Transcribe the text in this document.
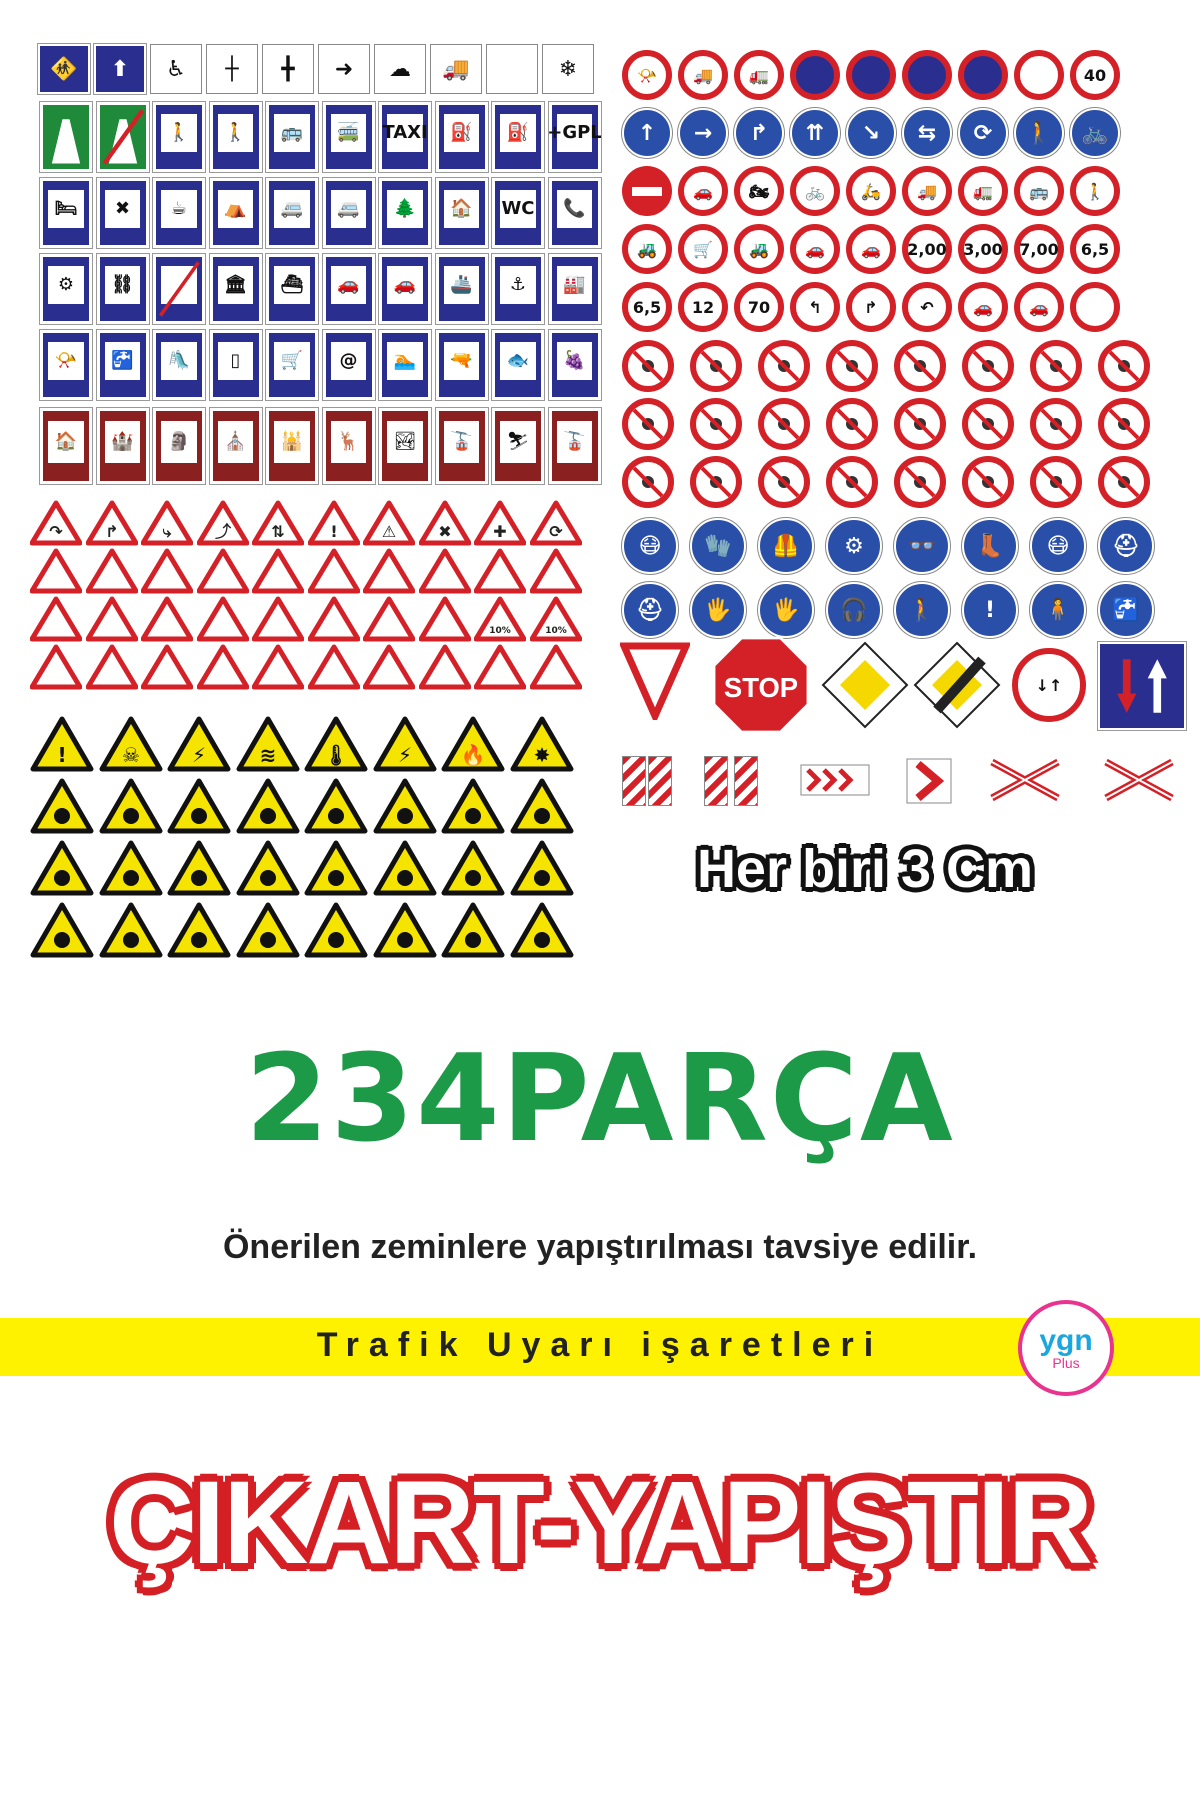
🚸	⬆	♿	┼	╋	➜	☁	🚚	❄
🚶	🚶	🚌	🚎	TAXI	⛽	⛽	+GPL
🛏	✖	☕	⛺	🚐	🚐	🌲	🏠	WC	📞
⚙	⛓	🏛	⛴	🚗	🚗	🚢	⚓	🏭
📯	🚰	🛝	▯	🛒	@	🏊	🔫	🐟	🍇
🏠	🏰	🗿	⛪	🕌	🦌	🏞	🚡	⛷	🚡
📯	🚚	🚛	40
↑	→	↱	⇈	↘	⇆	⟳	🚶	🚲
🚗	🏍	🚲	🛵	🚚	🚛	🚌	🚶
🚜	🛒	🚜	🚗	🚗	2,00	3,00	7,00	6,5
6,5	12	70	↰	↱	↶	🚗	🚗
😷	🧤	🦺	⚙	👓	👢	😷	⛑
⛑	🖐	🖐	🎧	🚶	!	🧍	🚰
STOP	↓↑
↷	↱	⤷	⤴	⇅	!	⚠	✖	✚	⟳
10%	10%
!	☠	⚡	≋ 🌡 ⚡ 🔥 ✸
Her biri 3 Cm
234PARÇA
Önerilen zeminlere yapıştırılması tavsiye edilir.
Trafik Uyarı işaretleri	ygn
Plus
ÇIKART-YAPIŞTIR
